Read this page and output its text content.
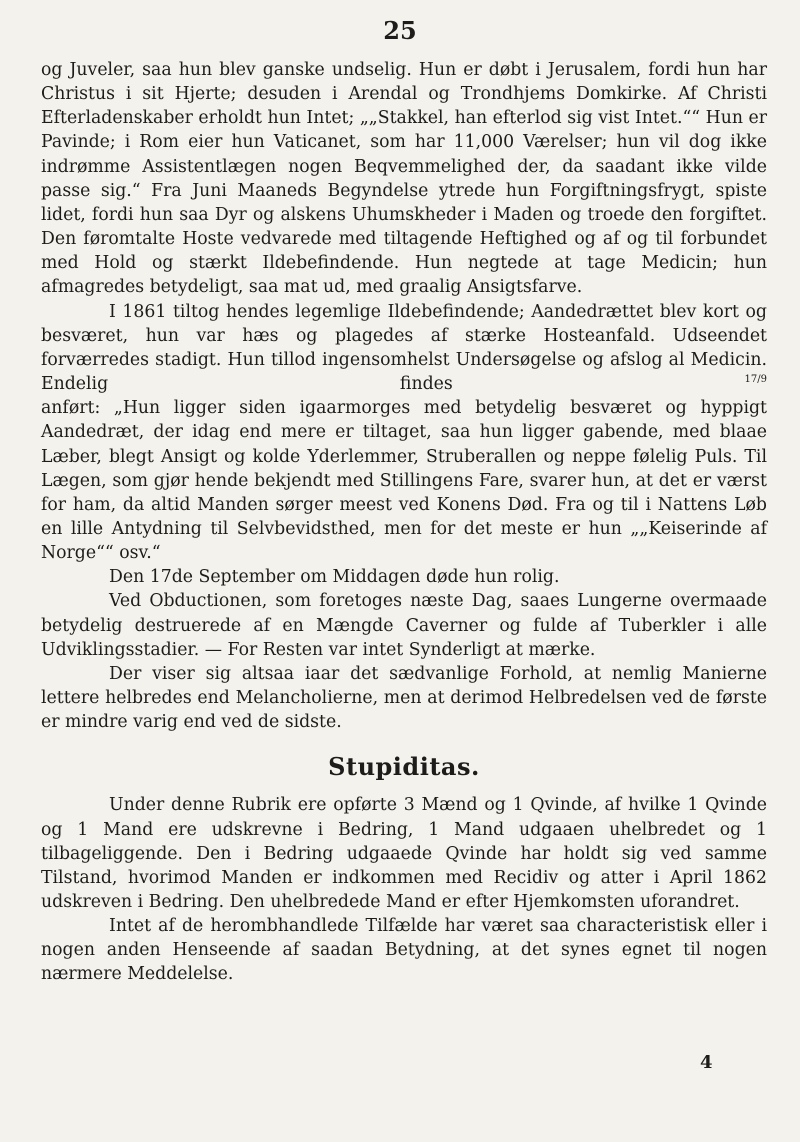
25

og Juveler, saa hun blev ganske undselig. Hun er døbt i Jerusalem, fordi hun har Christus i sit Hjerte; desuden i Arendal og Trondhjems Domkirke. Af Christi Efterladenskaber erholdt hun Intet; „„Stakkel, han efterlod sig vist Intet.““ Hun er Pavinde; i Rom eier hun Vaticanet, som har 11,000 Værelser; hun vil dog ikke indrømme Assistentlægen nogen Beqvemmelighed der, da saadant ikke vilde passe sig.“ Fra Juni Maaneds Begyndelse ytrede hun Forgiftningsfrygt, spiste lidet, fordi hun saa Dyr og alskens Uhumskheder i Maden og troede den forgiftet. Den føromtalte Hoste vedvarede med tiltagende Heftighed og af og til forbundet med Hold og stærkt Ildebefindende. Hun negtede at tage Medicin; hun afmagredes betydeligt, saa mat ud, med graalig Ansigtsfarve.

I 1861 tiltog hendes legemlige Ildebefindende; Aandedrættet blev kort og besværet, hun var hæs og plagedes af stærke Hosteanfald. Udseendet forværredes stadigt. Hun tillod ingensomhelst Undersøgelse og afslog al Medicin. Endelig findes	$^{17/9}$

anført: „Hun ligger siden igaarmorges med betydelig besværet og hyppigt Aandedræt, der idag end mere er tiltaget, saa hun ligger gabende, med blaae Læber, blegt Ansigt og kolde Yderlemmer, Struberallen og neppe følelig Puls. Til Lægen, som gjør hende bekjendt med Stillingens Fare, svarer hun, at det er værst for ham, da altid Manden sørger meest ved Konens Død. Fra og til i Nattens Løb en lille Antydning til Selvbevidsthed, men for det meste er hun „„Keiserinde af Norge““ osv.“

Den 17de September om Middagen døde hun rolig.

Ved Obductionen, som foretoges næste Dag, saaes Lungerne overmaade betydelig destruerede af en Mængde Caverner og fulde af Tuberkler i alle Udviklingsstadier. — For Resten var intet Synderligt at mærke.

Der viser sig altsaa iaar det sædvanlige Forhold, at nemlig Manierne lettere helbredes end Melancholierne, men at derimod Helbredelsen ved de første er mindre varig end ved de sidste.

Stupiditas.

Under denne Rubrik ere opførte 3 Mænd og 1 Qvinde, af hvilke 1 Qvinde og 1 Mand ere udskrevne i Bedring, 1 Mand udgaaen uhelbredet og 1 tilbageliggende. Den i Bedring udgaaede Qvinde har holdt sig ved samme Tilstand, hvorimod Manden er indkommen med Recidiv og atter i April 1862 udskreven i Bedring. Den uhelbredede Mand er efter Hjemkomsten uforandret.

Intet af de herombhandlede Tilfælde har været saa characteristisk eller i nogen anden Henseende af saadan Betydning, at det synes egnet til nogen nærmere Meddelelse.

4
